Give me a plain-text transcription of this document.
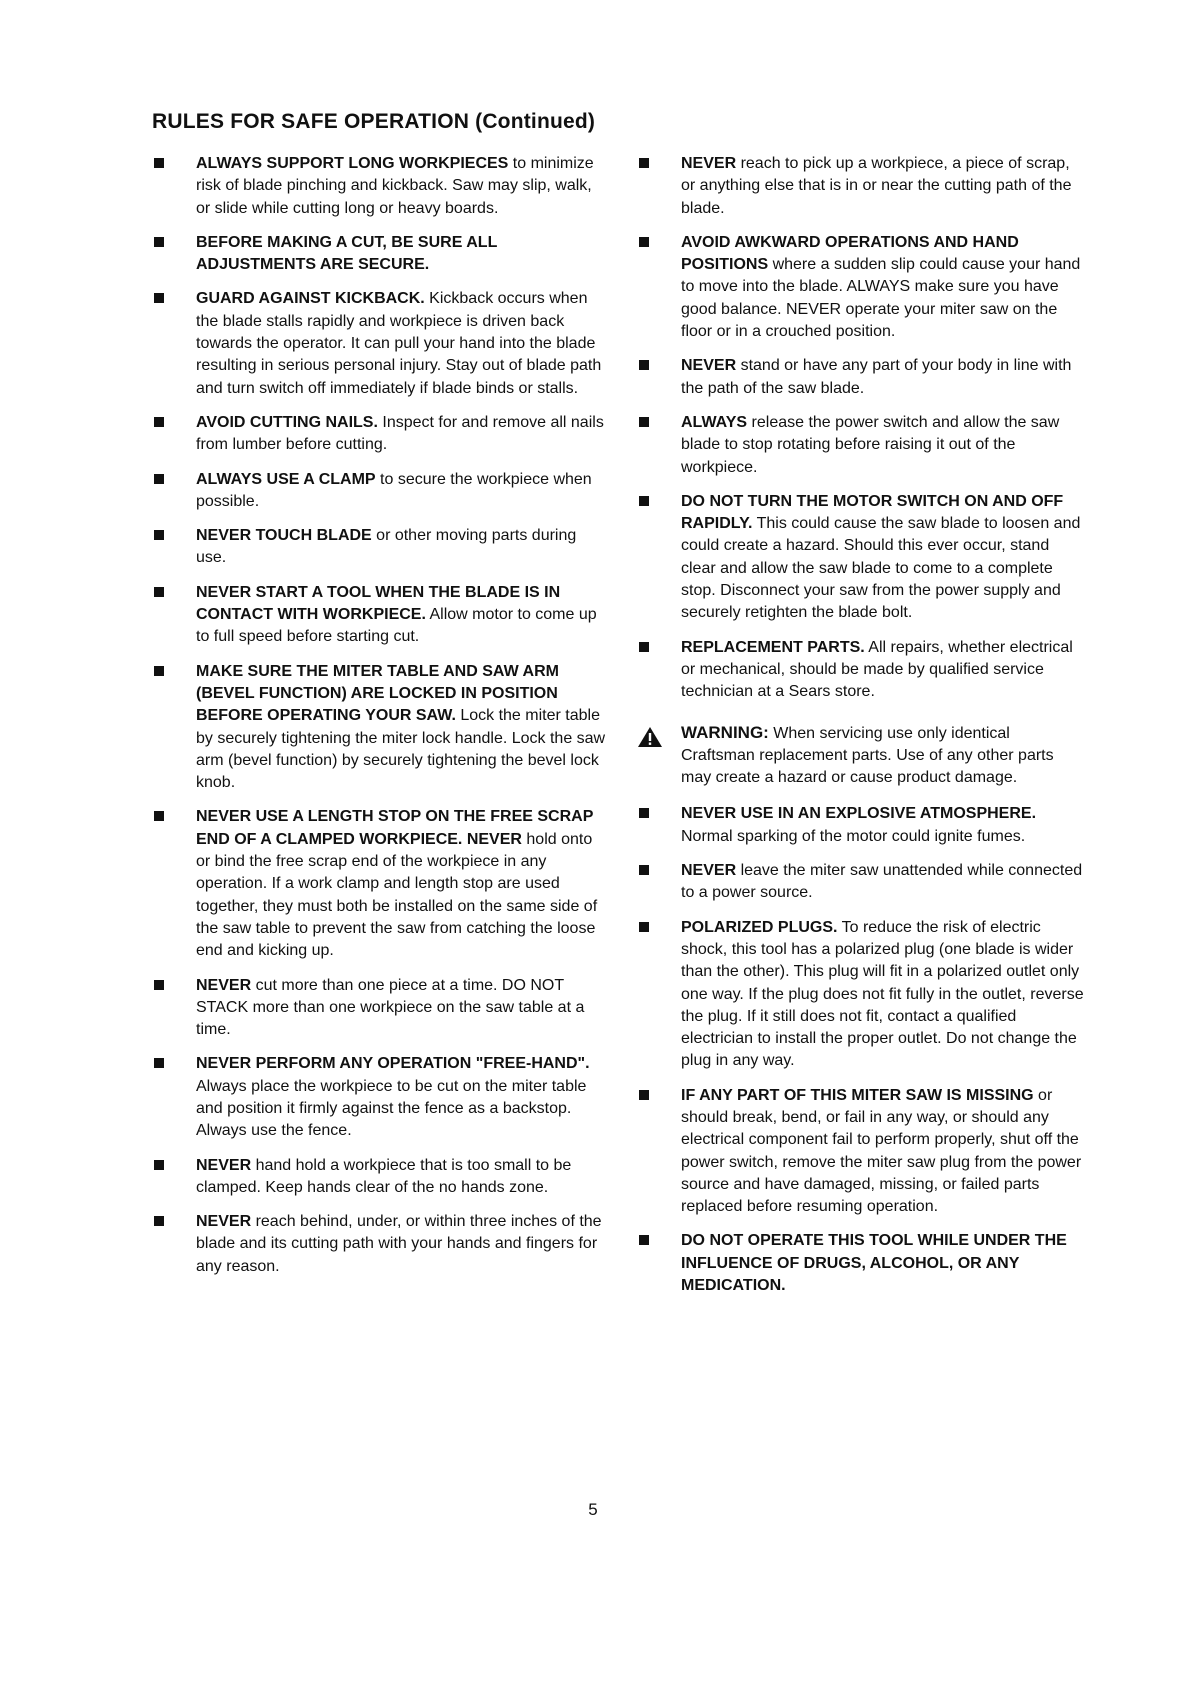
RULES FOR SAFE OPERATION (Continued)
ALWAYS SUPPORT LONG WORKPIECES to minimize risk of blade pinching and kickback. Saw may slip, walk, or slide while cutting long or heavy boards.
BEFORE MAKING A CUT, BE SURE ALL ADJUSTMENTS ARE SECURE.
GUARD AGAINST KICKBACK. Kickback occurs when the blade stalls rapidly and workpiece is driven back towards the operator. It can pull your hand into the blade resulting in serious personal injury. Stay out of blade path and turn switch off immediately if blade binds or stalls.
AVOID CUTTING NAILS. Inspect for and remove all nails from lumber before cutting.
ALWAYS USE A CLAMP to secure the workpiece when possible.
NEVER TOUCH BLADE or other moving parts during use.
NEVER START A TOOL WHEN THE BLADE IS IN CONTACT WITH WORKPIECE. Allow motor to come up to full speed before starting cut.
MAKE SURE THE MITER TABLE AND SAW ARM (BEVEL FUNCTION) ARE LOCKED IN POSITION BEFORE OPERATING YOUR SAW. Lock the miter table by securely tightening the miter lock handle. Lock the saw arm (bevel function) by securely tightening the bevel lock knob.
NEVER USE A LENGTH STOP ON THE FREE SCRAP END OF A CLAMPED WORKPIECE. NEVER hold onto or bind the free scrap end of the workpiece in any operation. If a work clamp and length stop are used together, they must both be installed on the same side of the saw table to prevent the saw from catching the loose end and kicking up.
NEVER cut more than one piece at a time. DO NOT STACK more than one workpiece on the saw table at a time.
NEVER PERFORM ANY OPERATION "FREE-HAND". Always place the workpiece to be cut on the miter table and position it firmly against the fence as a backstop. Always use the fence.
NEVER hand hold a workpiece that is too small to be clamped. Keep hands clear of the no hands zone.
NEVER reach behind, under, or within three inches of the blade and its cutting path with your hands and fingers for any reason.
NEVER reach to pick up a workpiece, a piece of scrap, or anything else that is in or near the cutting path of the blade.
AVOID AWKWARD OPERATIONS AND HAND POSITIONS where a sudden slip could cause your hand to move into the blade. ALWAYS make sure you have good balance. NEVER operate your miter saw on the floor or in a crouched position.
NEVER stand or have any part of your body in line with the path of the saw blade.
ALWAYS release the power switch and allow the saw blade to stop rotating before raising it out of the workpiece.
DO NOT TURN THE MOTOR SWITCH ON AND OFF RAPIDLY. This could cause the saw blade to loosen and could create a hazard. Should this ever occur, stand clear and allow the saw blade to come to a complete stop. Disconnect your saw from the power supply and securely retighten the blade bolt.
REPLACEMENT PARTS. All repairs, whether electrical or mechanical, should be made by qualified service technician at a Sears store.
WARNING: When servicing use only identical Craftsman replacement parts. Use of any other parts may create a hazard or cause product damage.
NEVER USE IN AN EXPLOSIVE ATMOSPHERE. Normal sparking of the motor could ignite fumes.
NEVER leave the miter saw unattended while connected to a power source.
POLARIZED PLUGS. To reduce the risk of electric shock, this tool has a polarized plug (one blade is wider than the other). This plug will fit in a polarized outlet only one way. If the plug does not fit fully in the outlet, reverse the plug. If it still does not fit, contact a qualified electrician to install the proper outlet. Do not change the plug in any way.
IF ANY PART OF THIS MITER SAW IS MISSING or should break, bend, or fail in any way, or should any electrical component fail to perform properly, shut off the power switch, remove the miter saw plug from the power source and have damaged, missing, or failed parts replaced before resuming operation.
DO NOT OPERATE THIS TOOL WHILE UNDER THE INFLUENCE OF DRUGS, ALCOHOL, OR ANY MEDICATION.
5
